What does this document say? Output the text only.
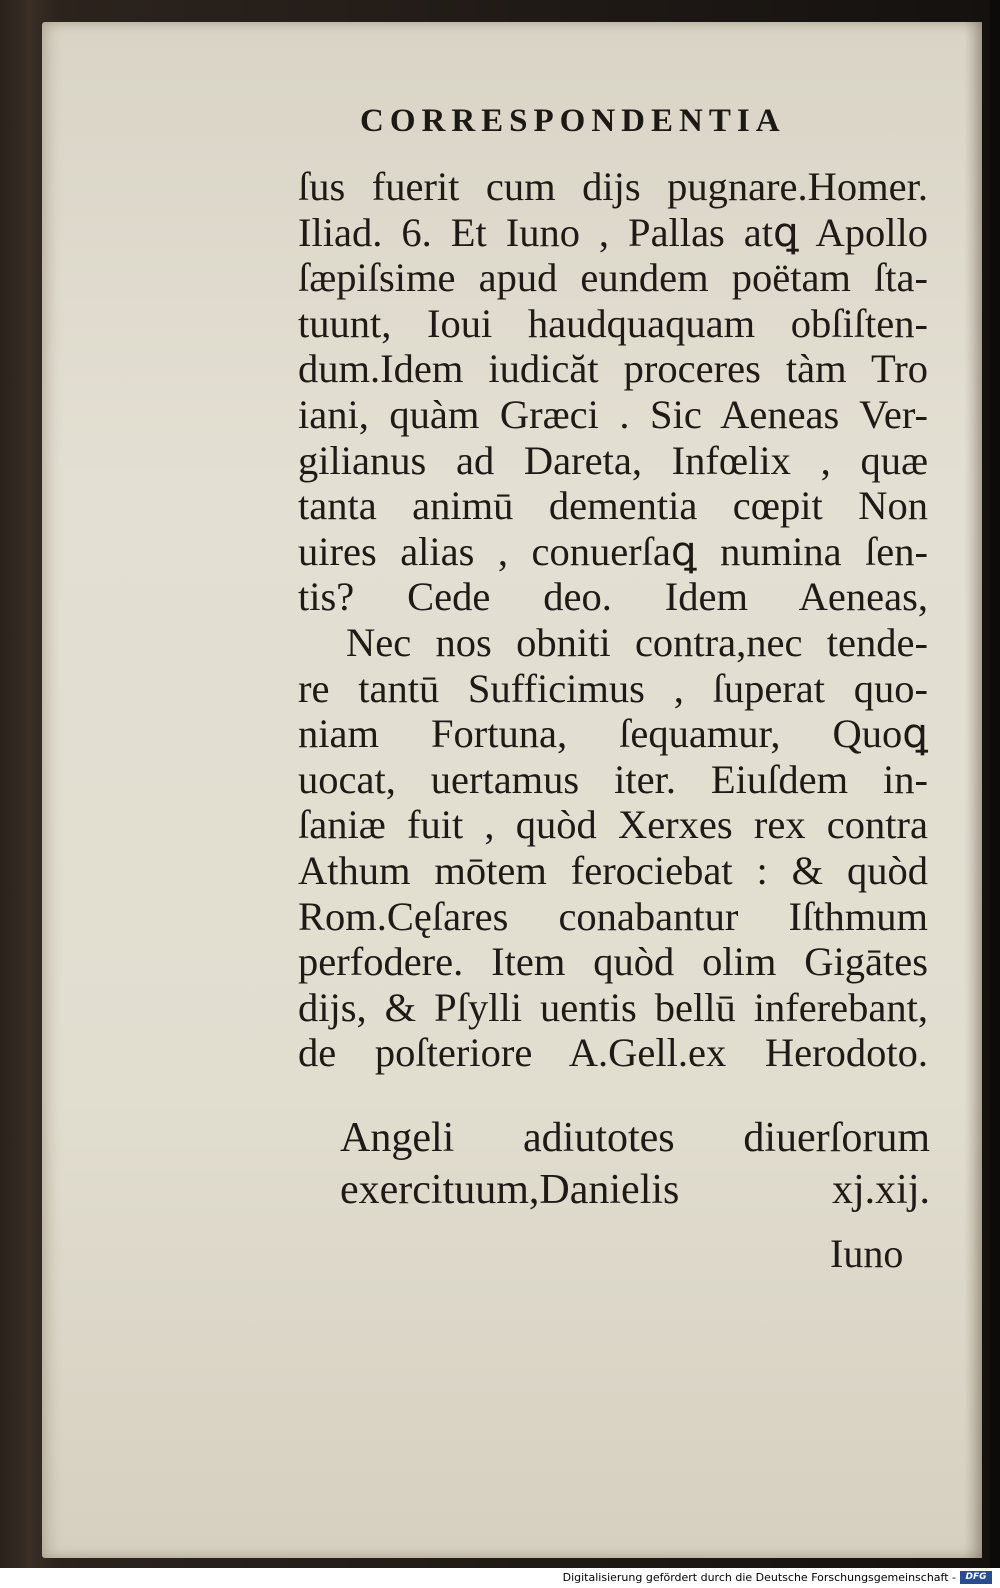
CORRESPONDENTIA
ſus fuerit cum dijs pugnare.Homer.
Iliad. 6. Et Iuno , Pallas atꝗ Apollo
ſæpiſsime apud eundem poëtam ſta-
tuunt, Ioui haudquaquam obſiſten-
dum.Idem iudicăt proceres tàm Tro
iani, quàm Græci . Sic Aeneas Ver-
gilianus ad Dareta, Infœlix , quæ
tanta animū dementia cœpit Non
uires alias , conuerſaꝗ numina ſen-
tis? Cede deo. Idem Aeneas,
Nec nos obniti contra,nec tende-
re tantū Sufficimus , ſuperat quo-
niam Fortuna, ſequamur, Quoꝗ
uocat, uertamus iter. Eiuſdem in-
ſaniæ fuit , quòd Xerxes rex contra
Athum mōtem ferociebat : & quòd
Rom.Cęſares conabantur Iſthmum
perfodere. Item quòd olim Gigātes
dijs, & Pſylli uentis bellū inferebant,
de poſteriore A.Gell.ex Herodoto.
Angeli adiutotes diuerſorum
exercituum,Danielis xj.xij.
Iuno
Digitalisierung gefördert durch die Deutsche Forschungsgemeinschaft -	DFG
